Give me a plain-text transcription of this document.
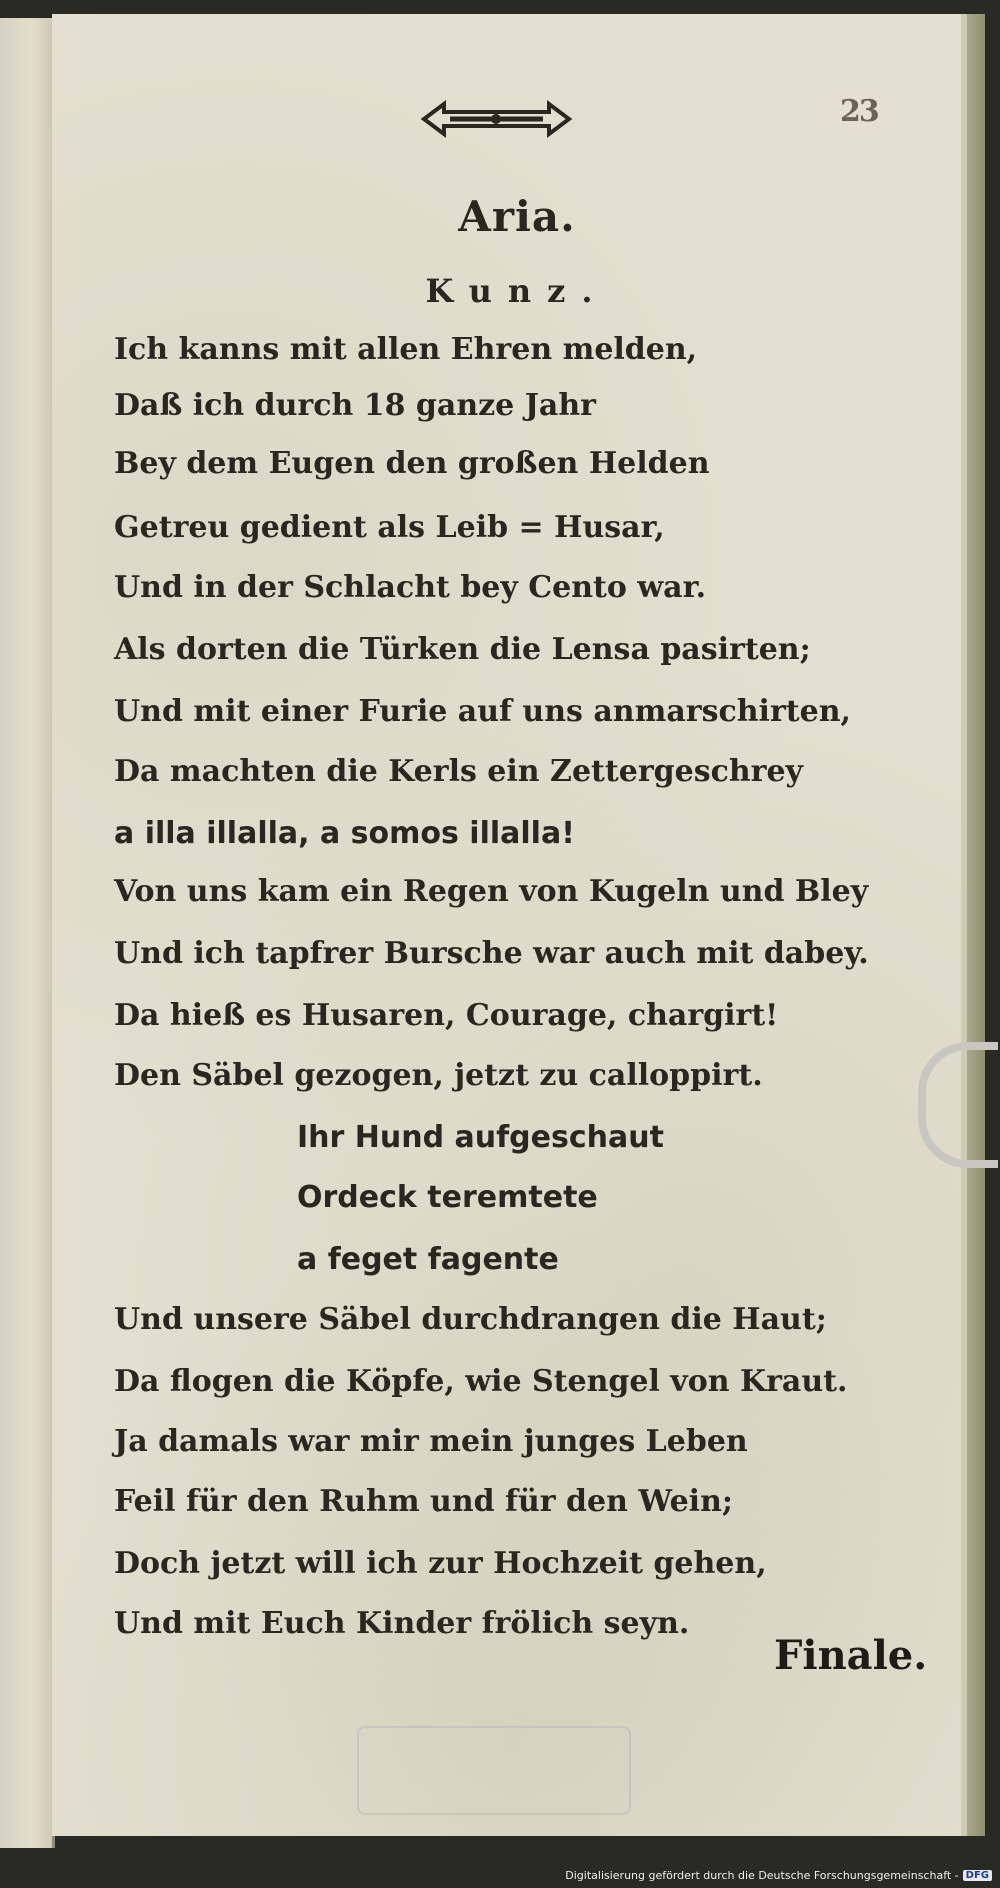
23
Aria.
Kunz.
Ich kanns mit allen Ehren melden,
Daß ich durch 18 ganze Jahr
Bey dem Eugen den großen Helden
Getreu gedient als Leib = Husar,
Und in der Schlacht bey Cento war.
Als dorten die Türken die Lensa pasirten;
Und mit einer Furie auf uns anmarschirten,
Da machten die Kerls ein Zettergeschrey
a illa illalla, a somos illalla!
Von uns kam ein Regen von Kugeln und Bley
Und ich tapfrer Bursche war auch mit dabey.
Da hieß es Husaren, Courage, chargirt!
Den Säbel gezogen, jetzt zu calloppirt.
Ihr Hund aufgeschaut
Ordeck teremtete
a feget fagente
Und unsere Säbel durchdrangen die Haut;
Da flogen die Köpfe, wie Stengel von Kraut.
Ja damals war mir mein junges Leben
Feil für den Ruhm und für den Wein;
Doch jetzt will ich zur Hochzeit gehen,
Und mit Euch Kinder frölich seyn.
Finale.
Digitalisierung gefördert durch die Deutsche Forschungsgemeinschaft - DFG
